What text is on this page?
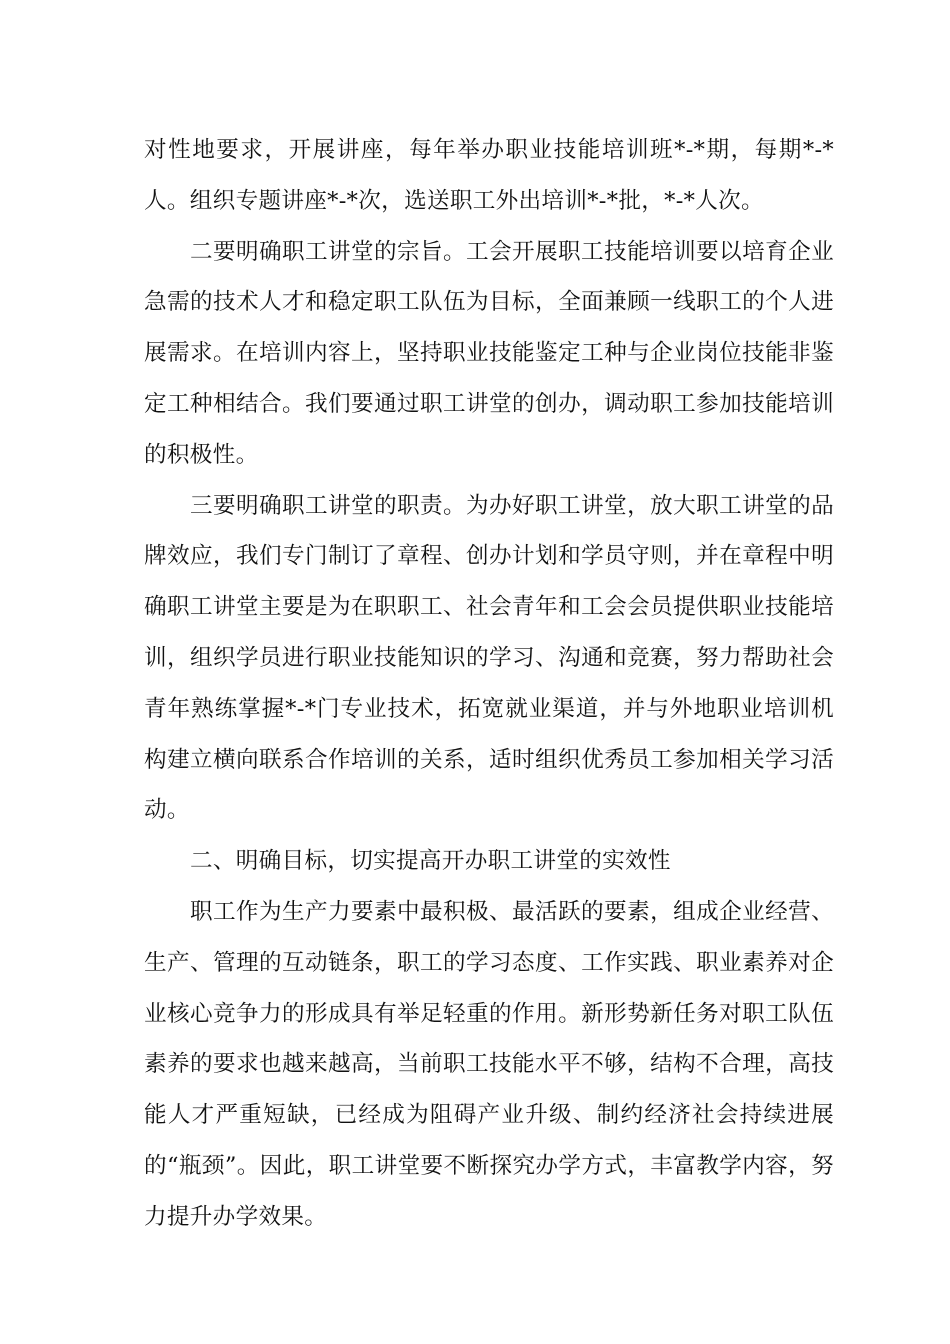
对性地要求，开展讲座，每年举办职业技能培训班*-*期，每期*-*人。组织专题讲座*-*次，选送职工外出培训*-*批，*-*人次。

二要明确职工讲堂的宗旨。工会开展职工技能培训要以培育企业急需的技术人才和稳定职工队伍为目标，全面兼顾一线职工的个人进展需求。在培训内容上，坚持职业技能鉴定工种与企业岗位技能非鉴定工种相结合。我们要通过职工讲堂的创办，调动职工参加技能培训的积极性。

三要明确职工讲堂的职责。为办好职工讲堂，放大职工讲堂的品牌效应，我们专门制订了章程、创办计划和学员守则，并在章程中明确职工讲堂主要是为在职职工、社会青年和工会会员提供职业技能培训，组织学员进行职业技能知识的学习、沟通和竞赛，努力帮助社会青年熟练掌握*-*门专业技术，拓宽就业渠道，并与外地职业培训机构建立横向联系合作培训的关系，适时组织优秀员工参加相关学习活动。

二、明确目标，切实提高开办职工讲堂的实效性

职工作为生产力要素中最积极、最活跃的要素，组成企业经营、生产、管理的互动链条，职工的学习态度、工作实践、职业素养对企业核心竞争力的形成具有举足轻重的作用。新形势新任务对职工队伍素养的要求也越来越高，当前职工技能水平不够，结构不合理，高技能人才严重短缺，已经成为阻碍产业升级、制约经济社会持续进展的“瓶颈”。因此，职工讲堂要不断探究办学方式，丰富教学内容，努力提升办学效果。
